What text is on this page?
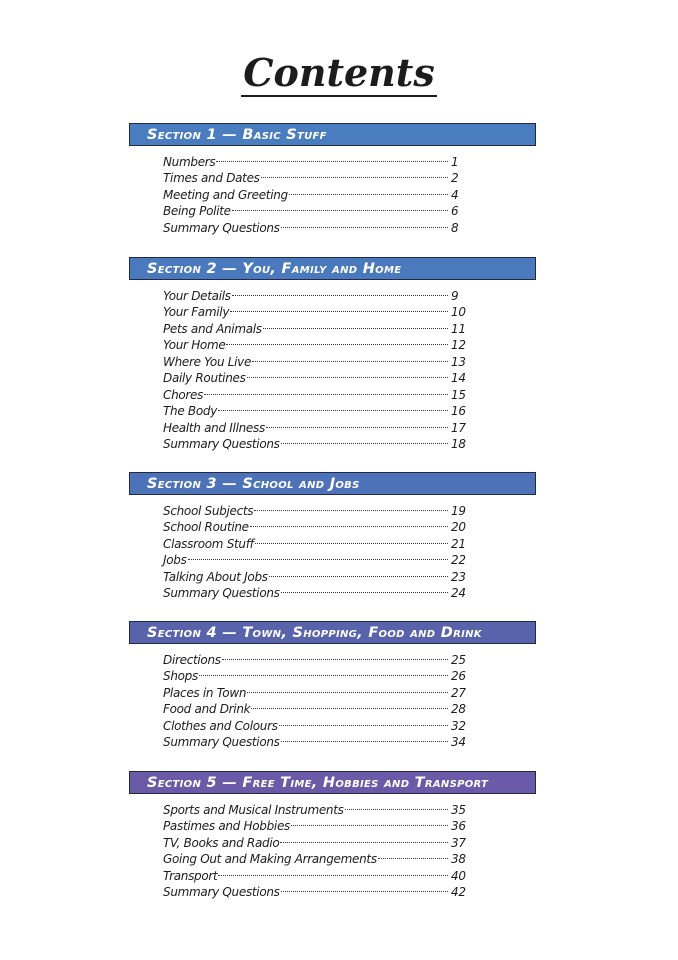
Contents
Section 1 — Basic Stuff
Numbers	1
Times and Dates	2
Meeting and Greeting	4
Being Polite	6
Summary Questions	8
Section 2 — You, Family and Home
Your Details	9
Your Family	10
Pets and Animals	11
Your Home	12
Where You Live	13
Daily Routines	14
Chores	15
The Body	16
Health and Illness	17
Summary Questions	18
Section 3 — School and Jobs
School Subjects	19
School Routine	20
Classroom Stuff	21
Jobs	22
Talking About Jobs	23
Summary Questions	24
Section 4 — Town, Shopping, Food and Drink
Directions	25
Shops	26
Places in Town	27
Food and Drink	28
Clothes and Colours	32
Summary Questions	34
Section 5 — Free Time, Hobbies and Transport
Sports and Musical Instruments	35
Pastimes and Hobbies	36
TV, Books and Radio	37
Going Out and Making Arrangements	38
Transport	40
Summary Questions	42
